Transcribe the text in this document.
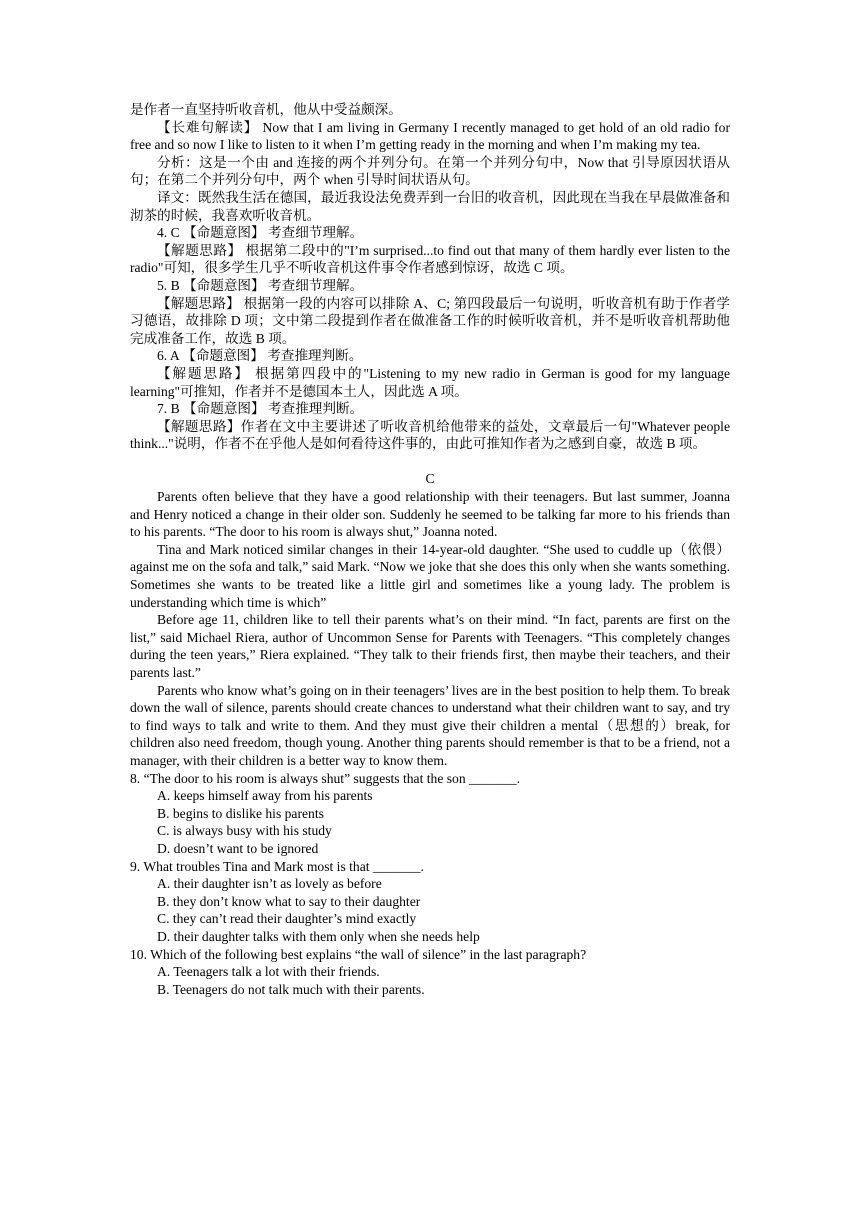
是作者一直坚持听收音机，他从中受益颇深。

【长难句解读】 Now that I am living in Germany I recently managed to get hold of an old radio for free and so now I like to listen to it when I’m getting ready in the morning and when I’m making my tea.

分析：这是一个由 and 连接的两个并列分句。在第一个并列分句中，Now that 引导原因状语从句；在第二个并列分句中，两个 when 引导时间状语从句。

译文：既然我生活在德国，最近我设法免费弄到一台旧的收音机，因此现在当我在早晨做准备和沏茶的时候，我喜欢听收音机。

4. C 【命题意图】 考查细节理解。

【解题思路】 根据第二段中的"I’m surprised...to find out that many of them hardly ever listen to the radio"可知，很多学生几乎不听收音机这件事令作者感到惊讶，故选 C 项。

5. B 【命题意图】 考查细节理解。

【解题思路】 根据第一段的内容可以排除 A、C; 第四段最后一句说明，听收音机有助于作者学习德语，故排除 D 项；文中第二段提到作者在做准备工作的时候听收音机，并不是听收音机帮助他完成准备工作，故选 B 项。

6. A 【命题意图】 考查推理判断。

【解题思路】 根据第四段中的"Listening to my new radio in German is good for my language learning"可推知，作者并不是德国本土人，因此选 A 项。

7. B 【命题意图】 考查推理判断。

【解题思路】作者在文中主要讲述了听收音机给他带来的益处，文章最后一句"Whatever people think..."说明，作者不在乎他人是如何看待这件事的，由此可推知作者为之感到自豪，故选 B 项。

C

Parents often believe that they have a good relationship with their teenagers. But last summer, Joanna and Henry noticed a change in their older son. Suddenly he seemed to be talking far more to his friends than to his parents. “The door to his room is always shut,” Joanna noted.

Tina and Mark noticed similar changes in their 14-year-old daughter. “She used to cuddle up（依偎）against me on the sofa and talk,” said Mark. “Now we joke that she does this only when she wants something. Sometimes she wants to be treated like a little girl and sometimes like a young lady. The problem is understanding which time is which”

Before age 11, children like to tell their parents what’s on their mind. “In fact, parents are first on the list,” said Michael Riera, author of Uncommon Sense for Parents with Teenagers. “This completely changes during the teen years,” Riera explained. “They talk to their friends first, then maybe their teachers, and their parents last.”

Parents who know what’s going on in their teenagers’ lives are in the best position to help them. To break down the wall of silence, parents should create chances to understand what their children want to say, and try to find ways to talk and write to them. And they must give their children a mental（思想的）break, for children also need freedom, though young. Another thing parents should remember is that to be a friend, not a manager, with their children is a better way to know them.

8. “The door to his room is always shut” suggests that the son _______.

A. keeps himself away from his parents

B. begins to dislike his parents

C. is always busy with his study

D. doesn’t want to be ignored

9. What troubles Tina and Mark most is that _______.

A. their daughter isn’t as lovely as before

B. they don’t know what to say to their daughter

C. they can’t read their daughter’s mind exactly

D. their daughter talks with them only when she needs help

10. Which of the following best explains “the wall of silence” in the last paragraph?

A. Teenagers talk a lot with their friends.

B. Teenagers do not talk much with their parents.
